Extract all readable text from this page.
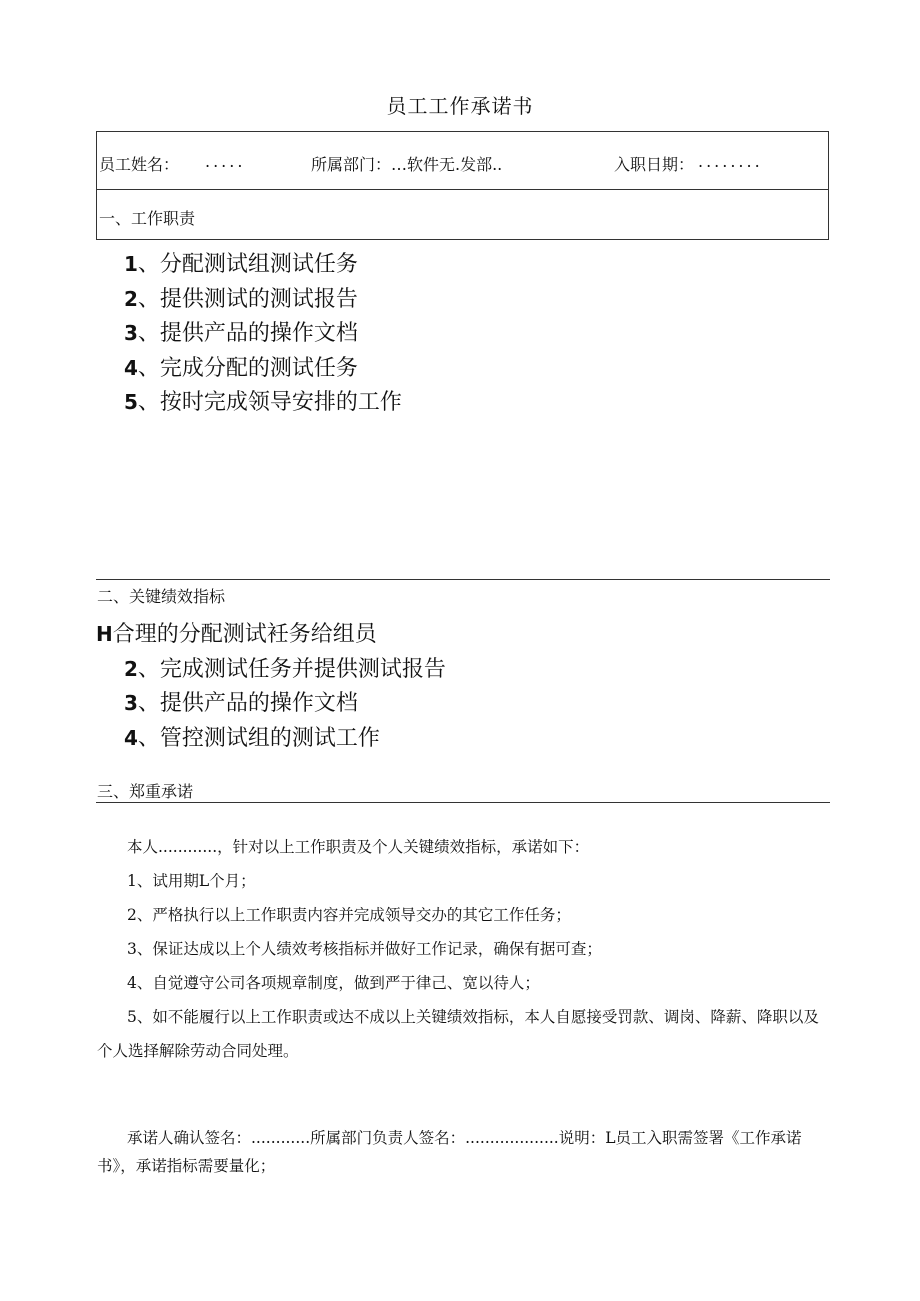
员工工作承诺书
员工姓名： .....	所属部门： …软件无.发部..	入职日期： ........
一、工作职责
1、分配测试组测试任务
2、提供测试的测试报告
3、提供产品的操作文档
4、完成分配的测试任务
5、按时完成领导安排的工作
二、关键绩效指标
H合理的分配测试衽务给组员
2、完成测试任务并提供测试报告
3、提供产品的操作文档
4、管控测试组的测试工作
三、郑重承诺

本人............，针对以上工作职责及个人关键绩效指标，承诺如下：

1、试用期L个月；

2、严格执行以上工作职责内容并完成领导交办的其它工作任务；

3、保证达成以上个人绩效考核指标并做好工作记录，确保有据可查；

4、自觉遵守公司各项规章制度，做到严于律己、宽以待人；

5、如不能履行以上工作职责或达不成以上关键绩效指标，本人自愿接受罚款、调岗、降薪、降职以及个人选择解除劳动合同处理。

承诺人确认签名：............所属部门负责人签名：...................说明：L员工入职需签署《工作承诺书》，承诺指标需要量化；
